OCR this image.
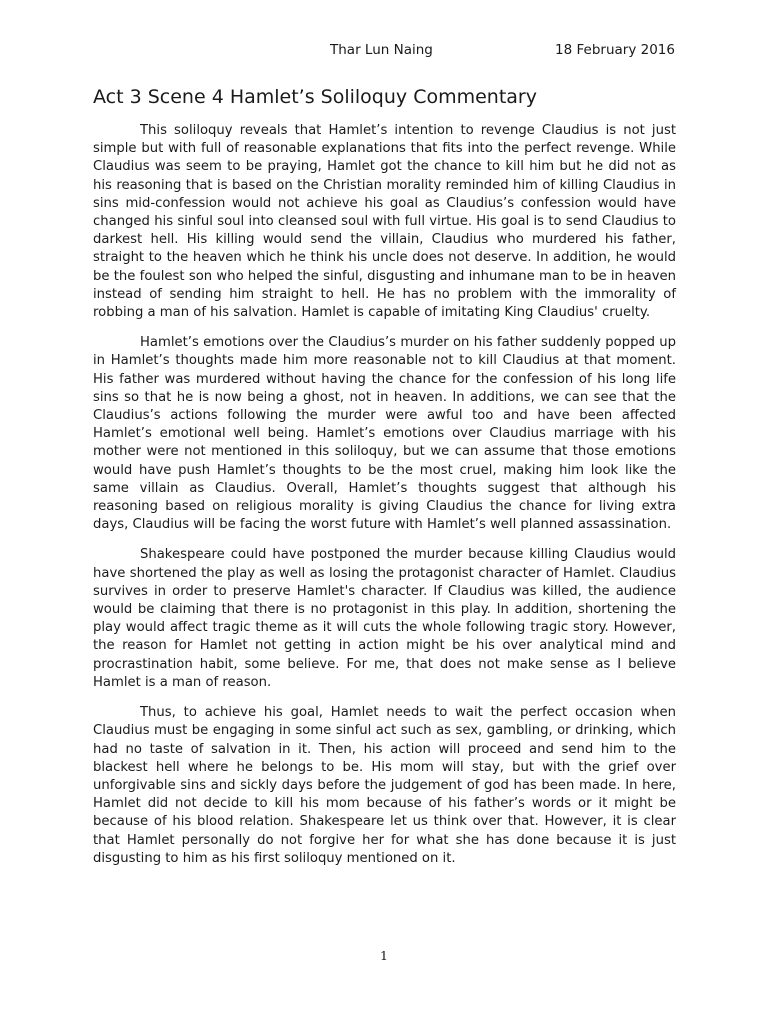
Thar Lun Naing	18 February 2016
Act 3 Scene 4 Hamlet’s Soliloquy Commentary

This soliloquy reveals that Hamlet’s intention to revenge Claudius is not just simple but with full of reasonable explanations that fits into the perfect revenge. While Claudius was seem to be praying, Hamlet got the chance to kill him but he did not as his reasoning that is based on the Christian morality reminded him of killing Claudius in sins mid-confession would not achieve his goal as Claudius’s confession would have changed his sinful soul into cleansed soul with full virtue. His goal is to send Claudius to darkest hell. His killing would send the villain, Claudius who murdered his father, straight to the heaven which he think his uncle does not deserve. In addition, he would be the foulest son who helped the sinful, disgusting and inhumane man to be in heaven instead of sending him straight to hell. He has no problem with the immorality of robbing a man of his salvation. Hamlet is capable of imitating King Claudius' cruelty.

Hamlet’s emotions over the Claudius’s murder on his father suddenly popped up in Hamlet’s thoughts made him more reasonable not to kill Claudius at that moment. His father was murdered without having the chance for the confession of his long life sins so that he is now being a ghost, not in heaven. In additions, we can see that the Claudius’s actions following the murder were awful too and have been affected Hamlet’s emotional well being. Hamlet’s emotions over Claudius marriage with his mother were not mentioned in this soliloquy, but we can assume that those emotions would have push Hamlet’s thoughts to be the most cruel, making him look like the same villain as Claudius. Overall, Hamlet’s thoughts suggest that although his reasoning based on religious morality is giving Claudius the chance for living extra days, Claudius will be facing the worst future with Hamlet’s well planned assassination.

Shakespeare could have postponed the murder because killing Claudius would have shortened the play as well as losing the protagonist character of Hamlet. Claudius survives in order to preserve Hamlet's character. If Claudius was killed, the audience would be claiming that there is no protagonist in this play. In addition, shortening the play would affect tragic theme as it will cuts the whole following tragic story. However, the reason for Hamlet not getting in action might be his over analytical mind and procrastination habit, some believe. For me, that does not make sense as I believe Hamlet is a man of reason.

Thus, to achieve his goal, Hamlet needs to wait the perfect occasion when Claudius must be engaging in some sinful act such as sex, gambling, or drinking, which had no taste of salvation in it. Then, his action will proceed and send him to the blackest hell where he belongs to be. His mom will stay, but with the grief over unforgivable sins and sickly days before the judgement of god has been made. In here, Hamlet did not decide to kill his mom because of his father’s words or it might be because of his blood relation. Shakespeare let us think over that. However, it is clear that Hamlet personally do not forgive her for what she has done because it is just disgusting to him as his first soliloquy mentioned on it.

1
